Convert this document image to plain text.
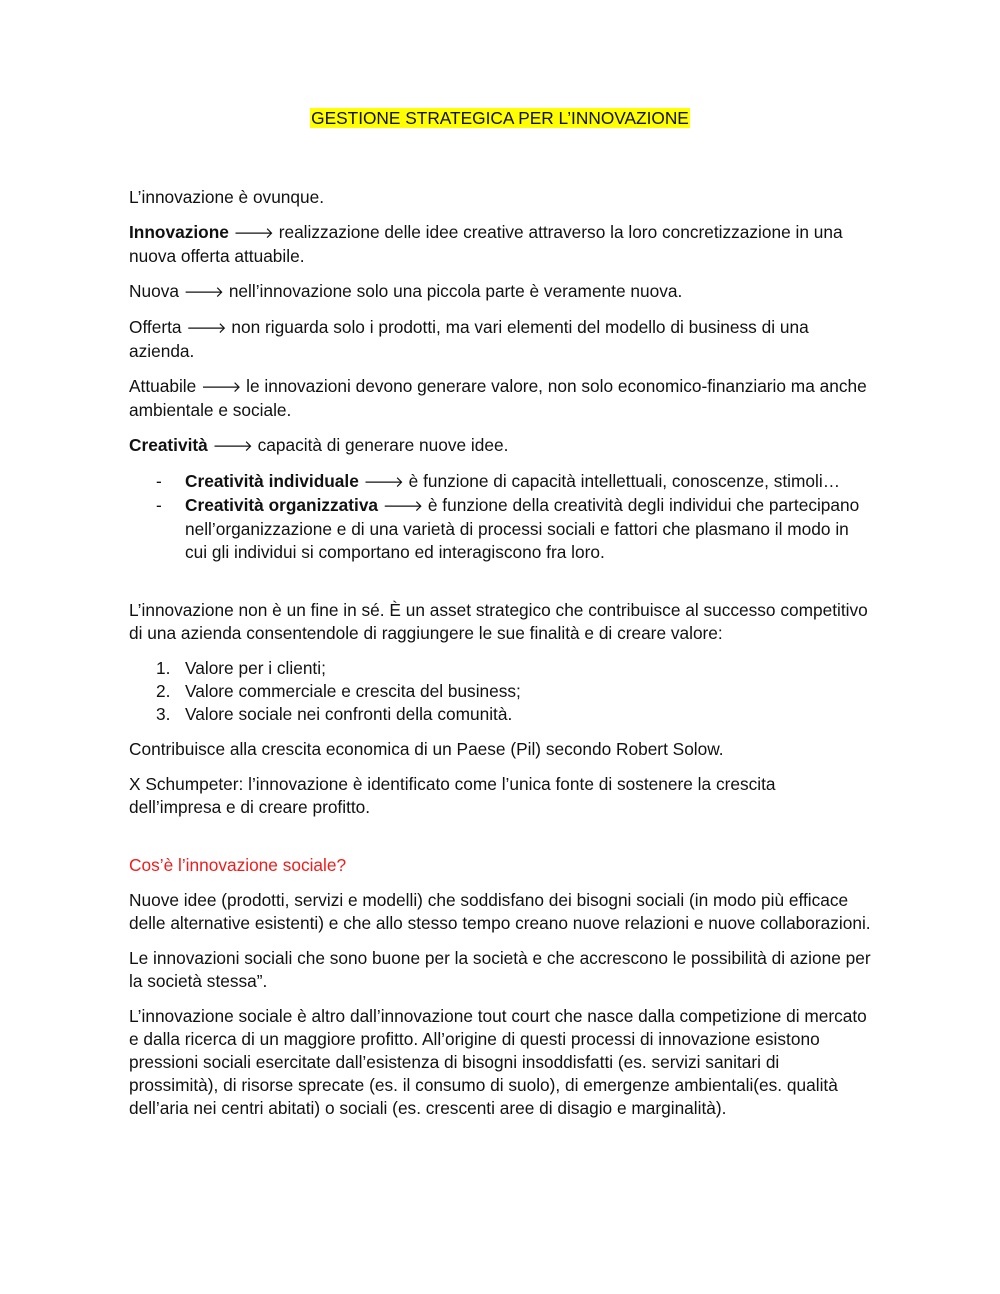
GESTIONE STRATEGICA PER L’INNOVAZIONE

L’innovazione è ovunque.

Innovazione 🡒 realizzazione delle idee creative attraverso la loro concretizzazione in una nuova offerta attuabile.

Nuova 🡒 nell’innovazione solo una piccola parte è veramente nuova.

Offerta 🡒 non riguarda solo i prodotti, ma vari elementi del modello di business di una azienda.

Attuabile 🡒 le innovazioni devono generare valore, non solo economico-finanziario ma anche ambientale e sociale.

Creatività 🡒 capacità di generare nuove idee.

- Creatività individuale 🡒 è funzione di capacità intellettuali, conoscenze, stimoli…
- Creatività organizzativa 🡒 è funzione della creatività degli individui che partecipano nell’organizzazione e di una varietà di processi sociali e fattori che plasmano il modo in cui gli individui si comportano ed interagiscono fra loro.

L’innovazione non è un fine in sé. È un asset strategico che contribuisce al successo competitivo di una azienda consentendole di raggiungere le sue finalità e di creare valore:

1. Valore per i clienti;
2. Valore commerciale e crescita del business;
3. Valore sociale nei confronti della comunità.

Contribuisce alla crescita economica di un Paese (Pil) secondo Robert Solow.

X Schumpeter: l’innovazione è identificato come l’unica fonte di sostenere la crescita dell’impresa e di creare profitto.

Cos’è l’innovazione sociale?

Nuove idee (prodotti, servizi e modelli) che soddisfano dei bisogni sociali (in modo più efficace delle alternative esistenti) e che allo stesso tempo creano nuove relazioni e nuove collaborazioni.

Le innovazioni sociali che sono buone per la società e che accrescono le possibilità di azione per la società stessa”.

L’innovazione sociale è altro dall’innovazione tout court che nasce dalla competizione di mercato e dalla ricerca di un maggiore profitto. All’origine di questi processi di innovazione esistono pressioni sociali esercitate dall’esistenza di bisogni insoddisfatti (es. servizi sanitari di prossimità), di risorse sprecate (es. il consumo di suolo), di emergenze ambientali(es. qualità dell’aria nei centri abitati) o sociali (es. crescenti aree di disagio e marginalità).
